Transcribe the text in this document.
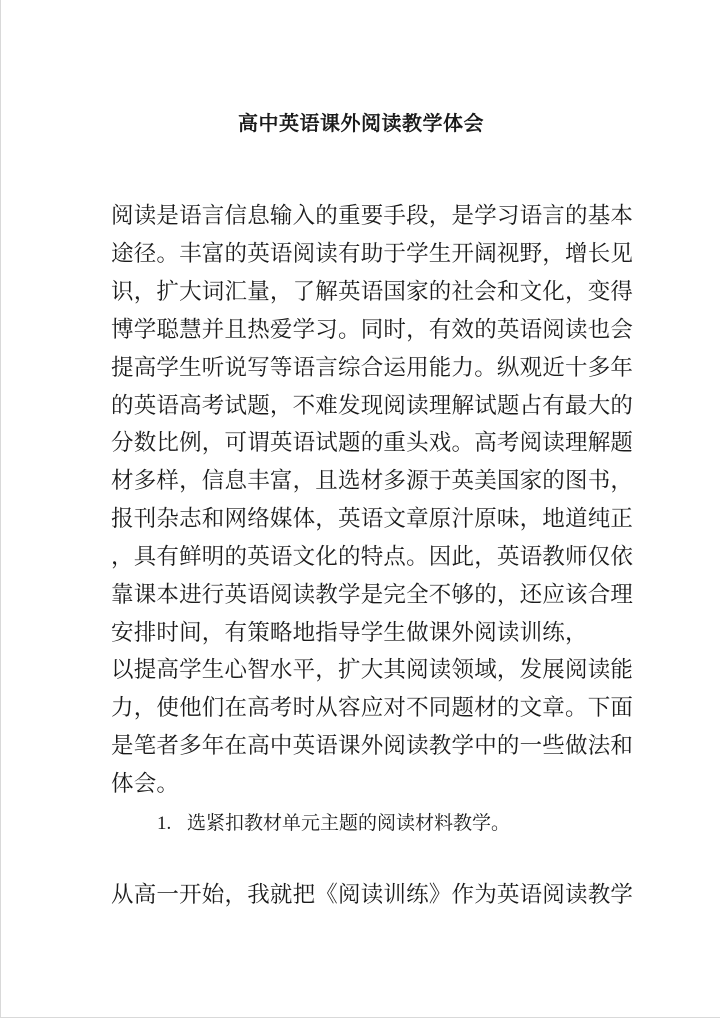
高中英语课外阅读教学体会
阅读是语言信息输入的重要手段，是学习语言的基本
途径。丰富的英语阅读有助于学生开阔视野，增长见
识，扩大词汇量，了解英语国家的社会和文化，变得
博学聪慧并且热爱学习。同时，有效的英语阅读也会
提高学生听说写等语言综合运用能力。纵观近十多年
的英语高考试题，不难发现阅读理解试题占有最大的
分数比例，可谓英语试题的重头戏。高考阅读理解题
材多样，信息丰富，且选材多源于英美国家的图书，
报刊杂志和网络媒体，英语文章原汁原味，地道纯正
，具有鲜明的英语文化的特点。因此，英语教师仅依
靠课本进行英语阅读教学是完全不够的，还应该合理
安排时间，有策略地指导学生做课外阅读训练，
以提高学生心智水平，扩大其阅读领域，发展阅读能
力，使他们在高考时从容应对不同题材的文章。下面
是笔者多年在高中英语课外阅读教学中的一些做法和
体会。
1. 选紧扣教材单元主题的阅读材料教学。
从高一开始，我就把《阅读训练》作为英语阅读教学
